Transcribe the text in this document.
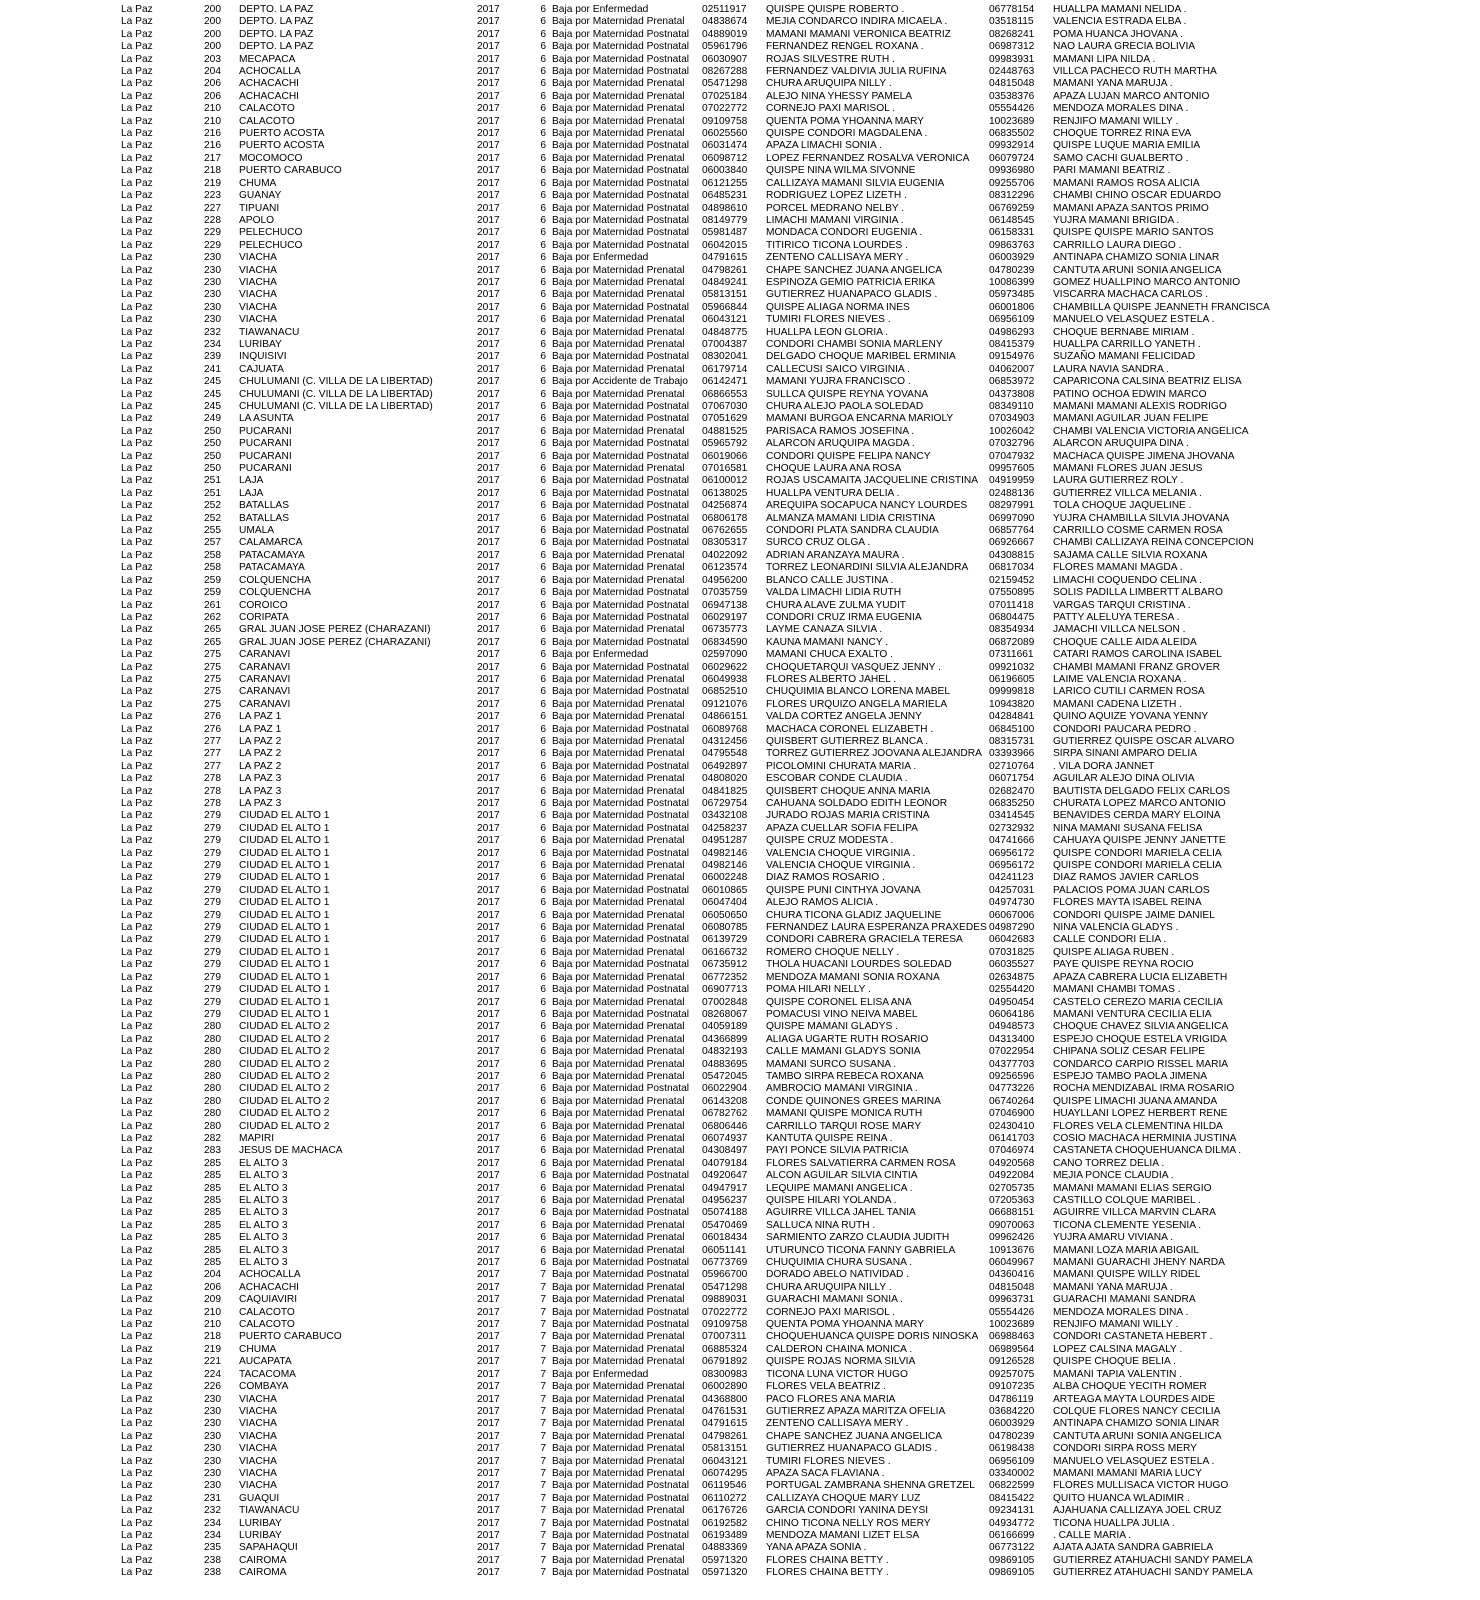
La Paz	200 DEPTO. LA PAZ	2017	6 Baja por Enfermedad	02511917 QUISPE QUISPE ROBERTO .	06778154 HUALLPA MAMANI NELIDA .
La Paz	200 DEPTO. LA PAZ	2017	6 Baja por Maternidad Prenatal 04838674 MEJIA CONDARCO INDIRA MICAELA .	03518115 VALENCIA ESTRADA ELBA .
La Paz	200 DEPTO. LA PAZ	2017	6 Baja por Maternidad Postnatal 04889019 MAMANI MAMANI VERONICA BEATRIZ	08268241 POMA HUANCA JHOVANA .
La Paz	200 DEPTO. LA PAZ	2017	6 Baja por Maternidad Postnatal 05961796 FERNANDEZ RENGEL ROXANA .	06987312 NAO LAURA GRECIA BOLIVIA
La Paz	203 MECAPACA	2017	6 Baja por Maternidad Postnatal 06030907 ROJAS SILVESTRE RUTH .	09983931 MAMANI LIPA NILDA .
La Paz	204 ACHOCALLA	2017	6 Baja por Maternidad Postnatal 08267288 FERNANDEZ VALDIVIA JULIA RUFINA	02448763 VILLCA PACHECO RUTH MARTHA
La Paz	206 ACHACACHI	2017	6 Baja por Maternidad Prenatal 05471298 CHURA ARUQUIPA NILLY .	04815048 MAMANI YANA MARUJA .
La Paz	206 ACHACACHI	2017	6 Baja por Maternidad Prenatal 07025184 ALEJO NINA YHESSY PAMELA	03538376 APAZA LUJAN MARCO ANTONIO
La Paz	210 CALACOTO	2017	6 Baja por Maternidad Prenatal 07022772 CORNEJO PAXI MARISOL .	05554426 MENDOZA MORALES DINA .
La Paz	210 CALACOTO	2017	6 Baja por Maternidad Prenatal 09109758 QUENTA POMA YHOANNA MARY	10023689 RENJIFO MAMANI WILLY .
La Paz	216 PUERTO ACOSTA	2017	6 Baja por Maternidad Prenatal 06025560 QUISPE CONDORI MAGDALENA .	06835502 CHOQUE TORREZ RINA EVA
La Paz	216 PUERTO ACOSTA	2017	6 Baja por Maternidad Postnatal 06031474 APAZA LIMACHI SONIA .	09932914 QUISPE LUQUE MARIA EMILIA
La Paz	217 MOCOMOCO	2017	6 Baja por Maternidad Prenatal 06098712 LOPEZ FERNANDEZ ROSALVA VERONICA 06079724 SAMO CACHI GUALBERTO .
La Paz	218 PUERTO CARABUCO	2017	6 Baja por Maternidad Postnatal 06003840 QUISPE NINA WILMA SIVONNE	09936980 PARI MAMANI BEATRIZ .
La Paz	219 CHUMA	2017	6 Baja por Maternidad Postnatal 06121255 CALLIZAYA MAMANI SILVIA EUGENIA	09255706 MAMANI RAMOS ROSA ALICIA
La Paz	223 GUANAY	2017	6 Baja por Maternidad Postnatal 06485231 RODRIGUEZ LOPEZ LIZETH .	08312296 CHAMBI CHINO OSCAR EDUARDO
La Paz	227 TIPUANI	2017	6 Baja por Maternidad Postnatal 04898610 PORCEL MEDRANO NELBY .	06769259 MAMANI APAZA SANTOS PRIMO
La Paz	228 APOLO	2017	6 Baja por Maternidad Postnatal 08149779 LIMACHI MAMANI VIRGINIA .	06148545 YUJRA MAMANI BRIGIDA .
La Paz	229 PELECHUCO	2017	6 Baja por Maternidad Postnatal 05981487 MONDACA CONDORI EUGENIA .	06158331 QUISPE QUISPE MARIO SANTOS
La Paz	229 PELECHUCO	2017	6 Baja por Maternidad Postnatal 06042015 TITIRICO TICONA LOURDES .	09863763 CARRILLO LAURA DIEGO .
La Paz	230 VIACHA	2017	6 Baja por Enfermedad	04791615 ZENTENO CALLISAYA MERY .	06003929 ANTINAPA CHAMIZO SONIA LINAR
La Paz	230 VIACHA	2017	6 Baja por Maternidad Prenatal 04798261 CHAPE SANCHEZ JUANA ANGELICA	04780239 CANTUTA ARUNI SONIA ANGELICA
La Paz	230 VIACHA	2017	6 Baja por Maternidad Prenatal 04849241 ESPINOZA GEMIO PATRICIA ERIKA	10086399 GOMEZ HUALLPINO MARCO ANTONIO
La Paz	230 VIACHA	2017	6 Baja por Maternidad Prenatal 05813151 GUTIERREZ HUANAPACO GLADIS .	05973485 VISCARRA MACHACA CARLOS .
La Paz	230 VIACHA	2017	6 Baja por Maternidad Postnatal 05966844 QUISPE ALIAGA NORMA INES	06001806 CHAMBILLA QUISPE JEANNETH FRANCISCA
La Paz	230 VIACHA	2017	6 Baja por Maternidad Prenatal 06043121 TUMIRI FLORES NIEVES .	06956109 MANUELO VELASQUEZ ESTELA .
La Paz	232 TIAWANACU	2017	6 Baja por Maternidad Prenatal 04848775 HUALLPA LEON GLORIA .	04986293 CHOQUE BERNABE MIRIAM .
La Paz	234 LURIBAY	2017	6 Baja por Maternidad Prenatal 07004387 CONDORI CHAMBI SONIA MARLENY	08415379 HUALLPA CARRILLO YANETH .
La Paz	239 INQUISIVI	2017	6 Baja por Maternidad Postnatal 08302041 DELGADO CHOQUE MARIBEL ERMINIA	09154976 SUZAÑO MAMANI FELICIDAD
La Paz	241 CAJUATA	2017	6 Baja por Maternidad Prenatal 06179714 CALLECUSI SAICO VIRGINIA .	04062007 LAURA NAVIA SANDRA .
La Paz	245 CHULUMANI (C. VILLA DE LA LIBERTAD)	2017	6 Baja por Accidente de Trabajo 06142471 MAMANI YUJRA FRANCISCO .	06853972 CAPARICONA CALSINA BEATRIZ ELISA
La Paz	245 CHULUMANI (C. VILLA DE LA LIBERTAD)	2017	6 Baja por Maternidad Prenatal 06866553 SULLCA QUISPE REYNA YOVANA	04373808 PATINO OCHOA EDWIN MARCO
La Paz	245 CHULUMANI (C. VILLA DE LA LIBERTAD)	2017	6 Baja por Maternidad Postnatal 07067030 CHURA ALEJO PAOLA SOLEDAD	08349110 MAMANI MAMANI ALEXIS RODRIGO
La Paz	249 LA ASUNTA	2017	6 Baja por Maternidad Postnatal 07051629 MAMANI BURGOA ENCARNA MARIOLY	07034903 MAMANI AGUILAR JUAN FELIPE
La Paz	250 PUCARANI	2017	6 Baja por Maternidad Prenatal 04881525 PARISACA RAMOS JOSEFINA .	10026042 CHAMBI VALENCIA VICTORIA ANGELICA
La Paz	250 PUCARANI	2017	6 Baja por Maternidad Postnatal 05965792 ALARCON ARUQUIPA MAGDA .	07032796 ALARCON ARUQUIPA DINA .
La Paz	250 PUCARANI	2017	6 Baja por Maternidad Postnatal 06019066 CONDORI QUISPE FELIPA NANCY	07047932 MACHACA QUISPE JIMENA JHOVANA
La Paz	250 PUCARANI	2017	6 Baja por Maternidad Prenatal 07016581 CHOQUE LAURA ANA ROSA	09957605 MAMANI FLORES JUAN JESUS
La Paz	251 LAJA	2017	6 Baja por Maternidad Postnatal 06100012 ROJAS USCAMAITA JACQUELINE CRISTINA 04919959 LAURA GUTIERREZ ROLY .
La Paz	251 LAJA	2017	6 Baja por Maternidad Postnatal 06138025 HUALLPA VENTURA DELIA .	02488136 GUTIERREZ VILLCA MELANIA .
La Paz	252 BATALLAS	2017	6 Baja por Maternidad Postnatal 04256874 AREQUIPA SOCAPUCA NANCY LOURDES 08297991 TOLA CHOQUE JAQUELINE .
La Paz	252 BATALLAS	2017	6 Baja por Maternidad Postnatal 06806178 ALMANZA MAMANI LIDIA CRISTINA	06997090 YUJRA CHAMBILLA SILVIA JHOVANA
La Paz	255 UMALA	2017	6 Baja por Maternidad Postnatal 06762655 CONDORI PLATA SANDRA CLAUDIA	06857764 CARRILLO COSME CARMEN ROSA
La Paz	257 CALAMARCA	2017	6 Baja por Maternidad Postnatal 08305317 SURCO CRUZ OLGA .	06926667 CHAMBI CALLIZAYA REINA CONCEPCION
La Paz	258 PATACAMAYA	2017	6 Baja por Maternidad Prenatal 04022092 ADRIAN ARANZAYA MAURA .	04308815 SAJAMA CALLE SILVIA ROXANA
La Paz	258 PATACAMAYA	2017	6 Baja por Maternidad Prenatal 06123574 TORREZ LEONARDINI SILVIA ALEJANDRA 06817034 FLORES MAMANI MAGDA .
La Paz	259 COLQUENCHA	2017	6 Baja por Maternidad Prenatal 04956200 BLANCO CALLE JUSTINA .	02159452 LIMACHI COQUENDO CELINA .
La Paz	259 COLQUENCHA	2017	6 Baja por Maternidad Postnatal 07035759 VALDA LIMACHI LIDIA RUTH	07550895 SOLIS PADILLA LIMBERTT ALBARO
La Paz	261 COROICO	2017	6 Baja por Maternidad Postnatal 06947138 CHURA ALAVE ZULMA YUDIT	07011418 VARGAS TARQUI CRISTINA .
La Paz	262 CORIPATA	2017	6 Baja por Maternidad Postnatal 06029197 CONDORI CRUZ IRMA EUGENIA	06804475 PATTY ALELUYA TERESA .
La Paz	265 GRAL JUAN JOSE PEREZ (CHARAZANI)	2017	6 Baja por Maternidad Prenatal 06735773 LAYME CANAZA SILVIA .	08354934 JAMACHI VILLCA NELSON .
La Paz	265 GRAL JUAN JOSE PEREZ (CHARAZANI)	2017	6 Baja por Maternidad Postnatal 06834590 KAUNA MAMANI NANCY .	06872089 CHOQUE CALLE AIDA ALEIDA
La Paz	275 CARANAVI	2017	6 Baja por Enfermedad	02597090 MAMANI CHUCA EXALTO .	07311661 CATARI RAMOS CAROLINA ISABEL
La Paz	275 CARANAVI	2017	6 Baja por Maternidad Postnatal 06029622 CHOQUETARQUI VASQUEZ JENNY .	09921032 CHAMBI MAMANI FRANZ GROVER
La Paz	275 CARANAVI	2017	6 Baja por Maternidad Prenatal 06049938 FLORES ALBERTO JAHEL .	06196605 LAIME VALENCIA ROXANA .
La Paz	275 CARANAVI	2017	6 Baja por Maternidad Postnatal 06852510 CHUQUIMIA BLANCO LORENA MABEL	09999818 LARICO CUTILI CARMEN ROSA
La Paz	275 CARANAVI	2017	6 Baja por Maternidad Prenatal 09121076 FLORES URQUIZO ANGELA MARIELA	10943820 MAMANI CADENA LIZETH .
La Paz	276 LA PAZ 1	2017	6 Baja por Maternidad Prenatal 04866151 VALDA CORTEZ ANGELA JENNY	04284841 QUINO AQUIZE YOVANA YENNY
La Paz	276 LA PAZ 1	2017	6 Baja por Maternidad Postnatal 06089768 MACHACA CORONEL ELIZABETH .	06845100 CONDORI PAUCARA PEDRO .
La Paz	277 LA PAZ 2	2017	6 Baja por Maternidad Prenatal 04312456 QUISBERT GUTIERREZ BLANCA .	08315731 GUTIERREZ QUISPE OSCAR ALVARO
La Paz	277 LA PAZ 2	2017	6 Baja por Maternidad Prenatal 04795548 TORREZ GUTIERREZ JOOVANA ALEJANDRA 03393966 SIRPA SINANI AMPARO DELIA
La Paz	277 LA PAZ 2	2017	6 Baja por Maternidad Postnatal 06492897 PICOLOMINI CHURATA MARIA .	02710764 . VILA DORA JANNET
La Paz	278 LA PAZ 3	2017	6 Baja por Maternidad Prenatal 04808020 ESCOBAR CONDE CLAUDIA .	06071754 AGUILAR ALEJO DINA OLIVIA
La Paz	278 LA PAZ 3	2017	6 Baja por Maternidad Prenatal 04841825 QUISBERT CHOQUE ANNA MARIA	02682470 BAUTISTA DELGADO FELIX CARLOS
La Paz	278 LA PAZ 3	2017	6 Baja por Maternidad Postnatal 06729754 CAHUANA SOLDADO EDITH LEONOR	06835250 CHURATA LOPEZ MARCO ANTONIO
La Paz	279 CIUDAD EL ALTO 1	2017	6 Baja por Maternidad Postnatal 03432108 JURADO ROJAS MARIA CRISTINA	03414545 BENAVIDES CERDA MARY ELOINA
La Paz	279 CIUDAD EL ALTO 1	2017	6 Baja por Maternidad Postnatal 04258237 APAZA CUELLAR SOFIA FELIPA	02732932 NINA MAMANI SUSANA FELISA
La Paz	279 CIUDAD EL ALTO 1	2017	6 Baja por Maternidad Prenatal 04951287 QUISPE CRUZ MODESTA .	04741666 CAHUAYA QUISPE JENNY JANETTE
La Paz	279 CIUDAD EL ALTO 1	2017	6 Baja por Maternidad Postnatal 04982146 VALENCIA CHOQUE VIRGINIA .	06956172 QUISPE CONDORI MARIELA CELIA
La Paz	279 CIUDAD EL ALTO 1	2017	6 Baja por Maternidad Prenatal 04982146 VALENCIA CHOQUE VIRGINIA .	06956172 QUISPE CONDORI MARIELA CELIA
La Paz	279 CIUDAD EL ALTO 1	2017	6 Baja por Maternidad Prenatal 06002248 DIAZ RAMOS ROSARIO .	04241123 DIAZ RAMOS JAVIER CARLOS
La Paz	279 CIUDAD EL ALTO 1	2017	6 Baja por Maternidad Postnatal 06010865 QUISPE PUNI CINTHYA JOVANA	04257031 PALACIOS POMA JUAN CARLOS
La Paz	279 CIUDAD EL ALTO 1	2017	6 Baja por Maternidad Prenatal 06047404 ALEJO RAMOS ALICIA .	04974730 FLORES MAYTA ISABEL REINA
La Paz	279 CIUDAD EL ALTO 1	2017	6 Baja por Maternidad Prenatal 06050650 CHURA TICONA GLADIZ JAQUELINE	06067006 CONDORI QUISPE JAIME DANIEL
La Paz	279 CIUDAD EL ALTO 1	2017	6 Baja por Maternidad Prenatal 06080785 FERNANDEZ LAURA ESPERANZA PRAXEDES 04987290 NINA VALENCIA GLADYS .
La Paz	279 CIUDAD EL ALTO 1	2017	6 Baja por Maternidad Postnatal 06139729 CONDORI CABRERA GRACIELA TERESA	06042683 CALLE CONDORI ELIA .
La Paz	279 CIUDAD EL ALTO 1	2017	6 Baja por Maternidad Prenatal 06166732 ROMERO CHOQUE NELLY .	07031825 QUISPE ALIAGA RUBEN .
La Paz	279 CIUDAD EL ALTO 1	2017	6 Baja por Maternidad Postnatal 06735912 THOLA HUACANI LOURDES SOLEDAD	06035527 PAYE QUISPE REYNA ROCIO
La Paz	279 CIUDAD EL ALTO 1	2017	6 Baja por Maternidad Prenatal 06772352 MENDOZA MAMANI SONIA ROXANA	02634875 APAZA CABRERA LUCIA ELIZABETH
La Paz	279 CIUDAD EL ALTO 1	2017	6 Baja por Maternidad Postnatal 06907713 POMA HILARI NELLY .	02554420 MAMANI CHAMBI TOMAS .
La Paz	279 CIUDAD EL ALTO 1	2017	6 Baja por Maternidad Prenatal 07002848 QUISPE CORONEL ELISA ANA	04950454 CASTELO CEREZO MARIA CECILIA
La Paz	279 CIUDAD EL ALTO 1	2017	6 Baja por Maternidad Postnatal 08268067 POMACUSI VINO NEIVA MABEL	06064186 MAMANI VENTURA CECILIA ELIA
La Paz	280 CIUDAD EL ALTO 2	2017	6 Baja por Maternidad Prenatal 04059189 QUISPE MAMANI GLADYS .	04948573 CHOQUE CHAVEZ SILVIA ANGELICA
La Paz	280 CIUDAD EL ALTO 2	2017	6 Baja por Maternidad Prenatal 04366899 ALIAGA UGARTE RUTH ROSARIO	04313400 ESPEJO CHOQUE ESTELA VRIGIDA
La Paz	280 CIUDAD EL ALTO 2	2017	6 Baja por Maternidad Prenatal 04832193 CALLE MAMANI GLADYS SONIA	07022954 CHIPANA SOLIZ CESAR FELIPE
La Paz	280 CIUDAD EL ALTO 2	2017	6 Baja por Maternidad Prenatal 04883695 MAMANI SURCO SUSANA .	04377703 CONDARCO CARPIO RISSEL MARIA
La Paz	280 CIUDAD EL ALTO 2	2017	6 Baja por Maternidad Prenatal 05472045 TAMBO SIRPA REBECA ROXANA	09256596 ESPEJO TAMBO PAOLA JIMENA
La Paz	280 CIUDAD EL ALTO 2	2017	6 Baja por Maternidad Postnatal 06022904 AMBROCIO MAMANI VIRGINIA .	04773226 ROCHA MENDIZABAL IRMA ROSARIO
La Paz	280 CIUDAD EL ALTO 2	2017	6 Baja por Maternidad Prenatal 06143208 CONDE QUINONES GREES MARINA	06740264 QUISPE LIMACHI JUANA AMANDA
La Paz	280 CIUDAD EL ALTO 2	2017	6 Baja por Maternidad Prenatal 06782762 MAMANI QUISPE MONICA RUTH	07046900 HUAYLLANI LOPEZ HERBERT RENE
La Paz	280 CIUDAD EL ALTO 2	2017	6 Baja por Maternidad Prenatal 06806446 CARRILLO TARQUI ROSE MARY	02430410 FLORES VELA CLEMENTINA HILDA
La Paz	282 MAPIRI	2017	6 Baja por Maternidad Prenatal 06074937 KANTUTA QUISPE REINA .	06141703 COSIO MACHACA HERMINIA JUSTINA
La Paz	283 JESUS DE MACHACA	2017	6 Baja por Maternidad Prenatal 04308497 PAYI PONCE SILVIA PATRICIA	07046974 CASTANETA CHOQUEHUANCA DILMA .
La Paz	285 EL ALTO 3	2017	6 Baja por Maternidad Prenatal 04079184 FLORES SALVATIERRA CARMEN ROSA	04920568 CANO TORREZ DELIA .
La Paz	285 EL ALTO 3	2017	6 Baja por Maternidad Postnatal 04920647 ALCON AGUILAR SILVIA CINTIA	04922084 MEJIA PONCE CLAUDIA .
La Paz	285 EL ALTO 3	2017	6 Baja por Maternidad Prenatal 04947917 LEQUIPE MAMANI ANGELICA .	02705735 MAMANI MAMANI ELIAS SERGIO
La Paz	285 EL ALTO 3	2017	6 Baja por Maternidad Prenatal 04956237 QUISPE HILARI YOLANDA .	07205363 CASTILLO COLQUE MARIBEL .
La Paz	285 EL ALTO 3	2017	6 Baja por Maternidad Postnatal 05074188 AGUIRRE VILLCA JAHEL TANIA	06688151 AGUIRRE VILLCA MARVIN CLARA
La Paz	285 EL ALTO 3	2017	6 Baja por Maternidad Prenatal 05470469 SALLUCA NINA RUTH .	09070063 TICONA CLEMENTE YESENIA .
La Paz	285 EL ALTO 3	2017	6 Baja por Maternidad Prenatal 06018434 SARMIENTO ZARZO CLAUDIA JUDITH	09962426 YUJRA AMARU VIVIANA .
La Paz	285 EL ALTO 3	2017	6 Baja por Maternidad Prenatal 06051141 UTURUNCO TICONA FANNY GABRIELA	10913676 MAMANI LOZA MARIA ABIGAIL
La Paz	285 EL ALTO 3	2017	6 Baja por Maternidad Postnatal 06773769 CHUQUIMIA CHURA SUSANA .	06049967 MAMANI GUARACHI JHENY NARDA
La Paz	204 ACHOCALLA	2017	7 Baja por Maternidad Postnatal 05966700 DORADO ABELO NATIVIDAD .	04360416 MAMANI QUISPE WILLY RIDEL
La Paz	206 ACHACACHI	2017	7 Baja por Maternidad Prenatal 05471298 CHURA ARUQUIPA NILLY .	04815048 MAMANI YANA MARUJA .
La Paz	209 CAQUIAVIRI	2017	7 Baja por Maternidad Prenatal 09889031 GUARACHI MAMANI SONIA .	09963731 GUARACHI MAMANI SANDRA
La Paz	210 CALACOTO	2017	7 Baja por Maternidad Postnatal 07022772 CORNEJO PAXI MARISOL .	05554426 MENDOZA MORALES DINA .
La Paz	210 CALACOTO	2017	7 Baja por Maternidad Postnatal 09109758 QUENTA POMA YHOANNA MARY	10023689 RENJIFO MAMANI WILLY .
La Paz	218 PUERTO CARABUCO	2017	7 Baja por Maternidad Prenatal 07007311 CHOQUEHUANCA QUISPE DORIS NINOSKA 06988463 CONDORI CASTANETA HEBERT .
La Paz	219 CHUMA	2017	7 Baja por Maternidad Prenatal 06885324 CALDERON CHAINA MONICA .	06989564 LOPEZ CALSINA MAGALY .
La Paz	221 AUCAPATA	2017	7 Baja por Maternidad Prenatal 06791892 QUISPE ROJAS NORMA SILVIA	09126528 QUISPE CHOQUE BELIA .
La Paz	224 TACACOMA	2017	7 Baja por Enfermedad	08300983 TICONA LUNA VICTOR HUGO	09257075 MAMANI TAPIA VALENTIN .
La Paz	226 COMBAYA	2017	7 Baja por Maternidad Prenatal 06002890 FLORES VELA BEATRIZ .	09107235 ALBA CHOQUE YECITH ROMER
La Paz	230 VIACHA	2017	7 Baja por Maternidad Prenatal 04368800 PACO FLORES ANA MARIA	04786119 ARTEAGA MAYTA LOURDES AIDE
La Paz	230 VIACHA	2017	7 Baja por Maternidad Prenatal 04761531 GUTIERREZ APAZA MARITZA OFELIA	03684220 COLQUE FLORES NANCY CECILIA
La Paz	230 VIACHA	2017	7 Baja por Maternidad Prenatal 04791615 ZENTENO CALLISAYA MERY .	06003929 ANTINAPA CHAMIZO SONIA LINAR
La Paz	230 VIACHA	2017	7 Baja por Maternidad Prenatal 04798261 CHAPE SANCHEZ JUANA ANGELICA	04780239 CANTUTA ARUNI SONIA ANGELICA
La Paz	230 VIACHA	2017	7 Baja por Maternidad Prenatal 05813151 GUTIERREZ HUANAPACO GLADIS .	06198438 CONDORI SIRPA ROSS MERY
La Paz	230 VIACHA	2017	7 Baja por Maternidad Prenatal 06043121 TUMIRI FLORES NIEVES .	06956109 MANUELO VELASQUEZ ESTELA .
La Paz	230 VIACHA	2017	7 Baja por Maternidad Prenatal 06074295 APAZA SACA FLAVIANA .	03340002 MAMANI MAMANI MARIA LUCY
La Paz	230 VIACHA	2017	7 Baja por Maternidad Postnatal 06119546 PORTUGAL ZAMBRANA SHENNA GRETZEL 06822599 FLORES MULLISACA VICTOR HUGO
La Paz	231 GUAQUI	2017	7 Baja por Maternidad Postnatal 06110272 CALLIZAYA CHOQUE MARY LUZ	08415422 QUITO HUANCA WLADIMIR .
La Paz	232 TIAWANACU	2017	7 Baja por Maternidad Prenatal 06176726 GARCIA CONDORI YANINA DEYSI	09234131 AJAHUANA CALLIZAYA JOEL CRUZ
La Paz	234 LURIBAY	2017	7 Baja por Maternidad Postnatal 06192582 CHINO TICONA NELLY ROS MERY	04934772 TICONA HUALLPA JULIA .
La Paz	234 LURIBAY	2017	7 Baja por Maternidad Postnatal 06193489 MENDOZA MAMANI LIZET ELSA	06166699 . CALLE MARIA .
La Paz	235 SAPAHAQUI	2017	7 Baja por Maternidad Prenatal 04883369 YANA APAZA SONIA .	06773122 AJATA AJATA SANDRA GABRIELA
La Paz	238 CAIROMA	2017	7 Baja por Maternidad Prenatal 05971320 FLORES CHAINA BETTY .	09869105 GUTIERREZ ATAHUACHI SANDY PAMELA
La Paz	238 CAIROMA	2017	7 Baja por Maternidad Postnatal 05971320 FLORES CHAINA BETTY .	09869105 GUTIERREZ ATAHUACHI SANDY PAMELA
